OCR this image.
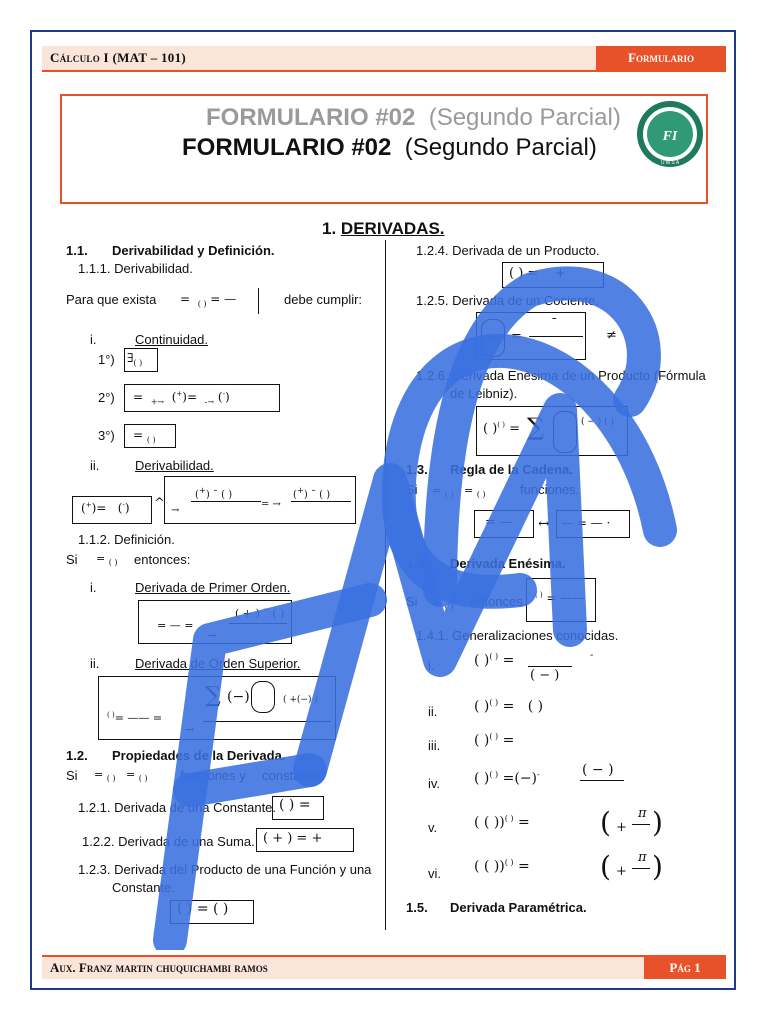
Cálculo I (MAT – 101)	Formulario
FORMULARIO #02 (Segundo Parcial)
FORMULARIO #02 (Segundo Parcial)	FI
U M S A
1. DERIVADAS.
1.1. Derivabilidad y Definición.
1.1.1. Derivabilidad.
Para que exista =  $_{( )}$ = —	debe cumplir:
i.	Continuidad.
1°) $\exists_{( )}$
2°)	=  $_{+\to}$  (+)=  $_{-\to}$ (-)
3°)	= $_{( )}$
ii.	Derivabilidad.
(+)=   (-)	^
(+) ¯ ( )
→
= →
(+) ¯ ( )
1.1.2. Definición.
Si = $_{( )}$ entonces:
i.	Derivada de Primer Orden.
= — =
→
( + ) ¯ ( )
ii.	Derivada de Orden Superior.
( )= —— =
→
∑ (−)	( +(−) )
1.2. Propiedades de la Derivada.
Si = $_{( )}$   = $_{( )}$ funciones y constante.
1.2.1. Derivada de una Constante. ( ) =
1.2.2. Derivada de una Suma. ( + ) = +
1.2.3. Derivada del Producto de una Función y una
Constante.
( ) = ( )
1.2.4. Derivada de un Producto.
( ) =    +
1.2.5. Derivada de un Cociente.
− =
¯
≠
1.2.6. Derivada Enésima de un Producto (Fórmula
de Leibniz).
( )( ) = ∑	( − ) ( )
1.3. Regla de la Cadena.
Si = $_{( )}$   = $_{( )}$	funciones.
= —	↔ — = — · —
1.4. Derivada Enésima.
Si = $_{( )}$ entonces	( ) = ——
1.4.1. Generalizaciones conocidas.
i.	( )( ) =
( − )
-
ii.	( )( ) =   ( )
iii. ( )( ) =
iv. ( )( ) =(−)-	( − )
v.	( ( ))( ) =	( +
π )
vi. ( ( ))( ) =	( +
π )
1.5. Derivada Paramétrica.
FMCR
Aux. Franz martin chuquichambi ramos	Pág 1
